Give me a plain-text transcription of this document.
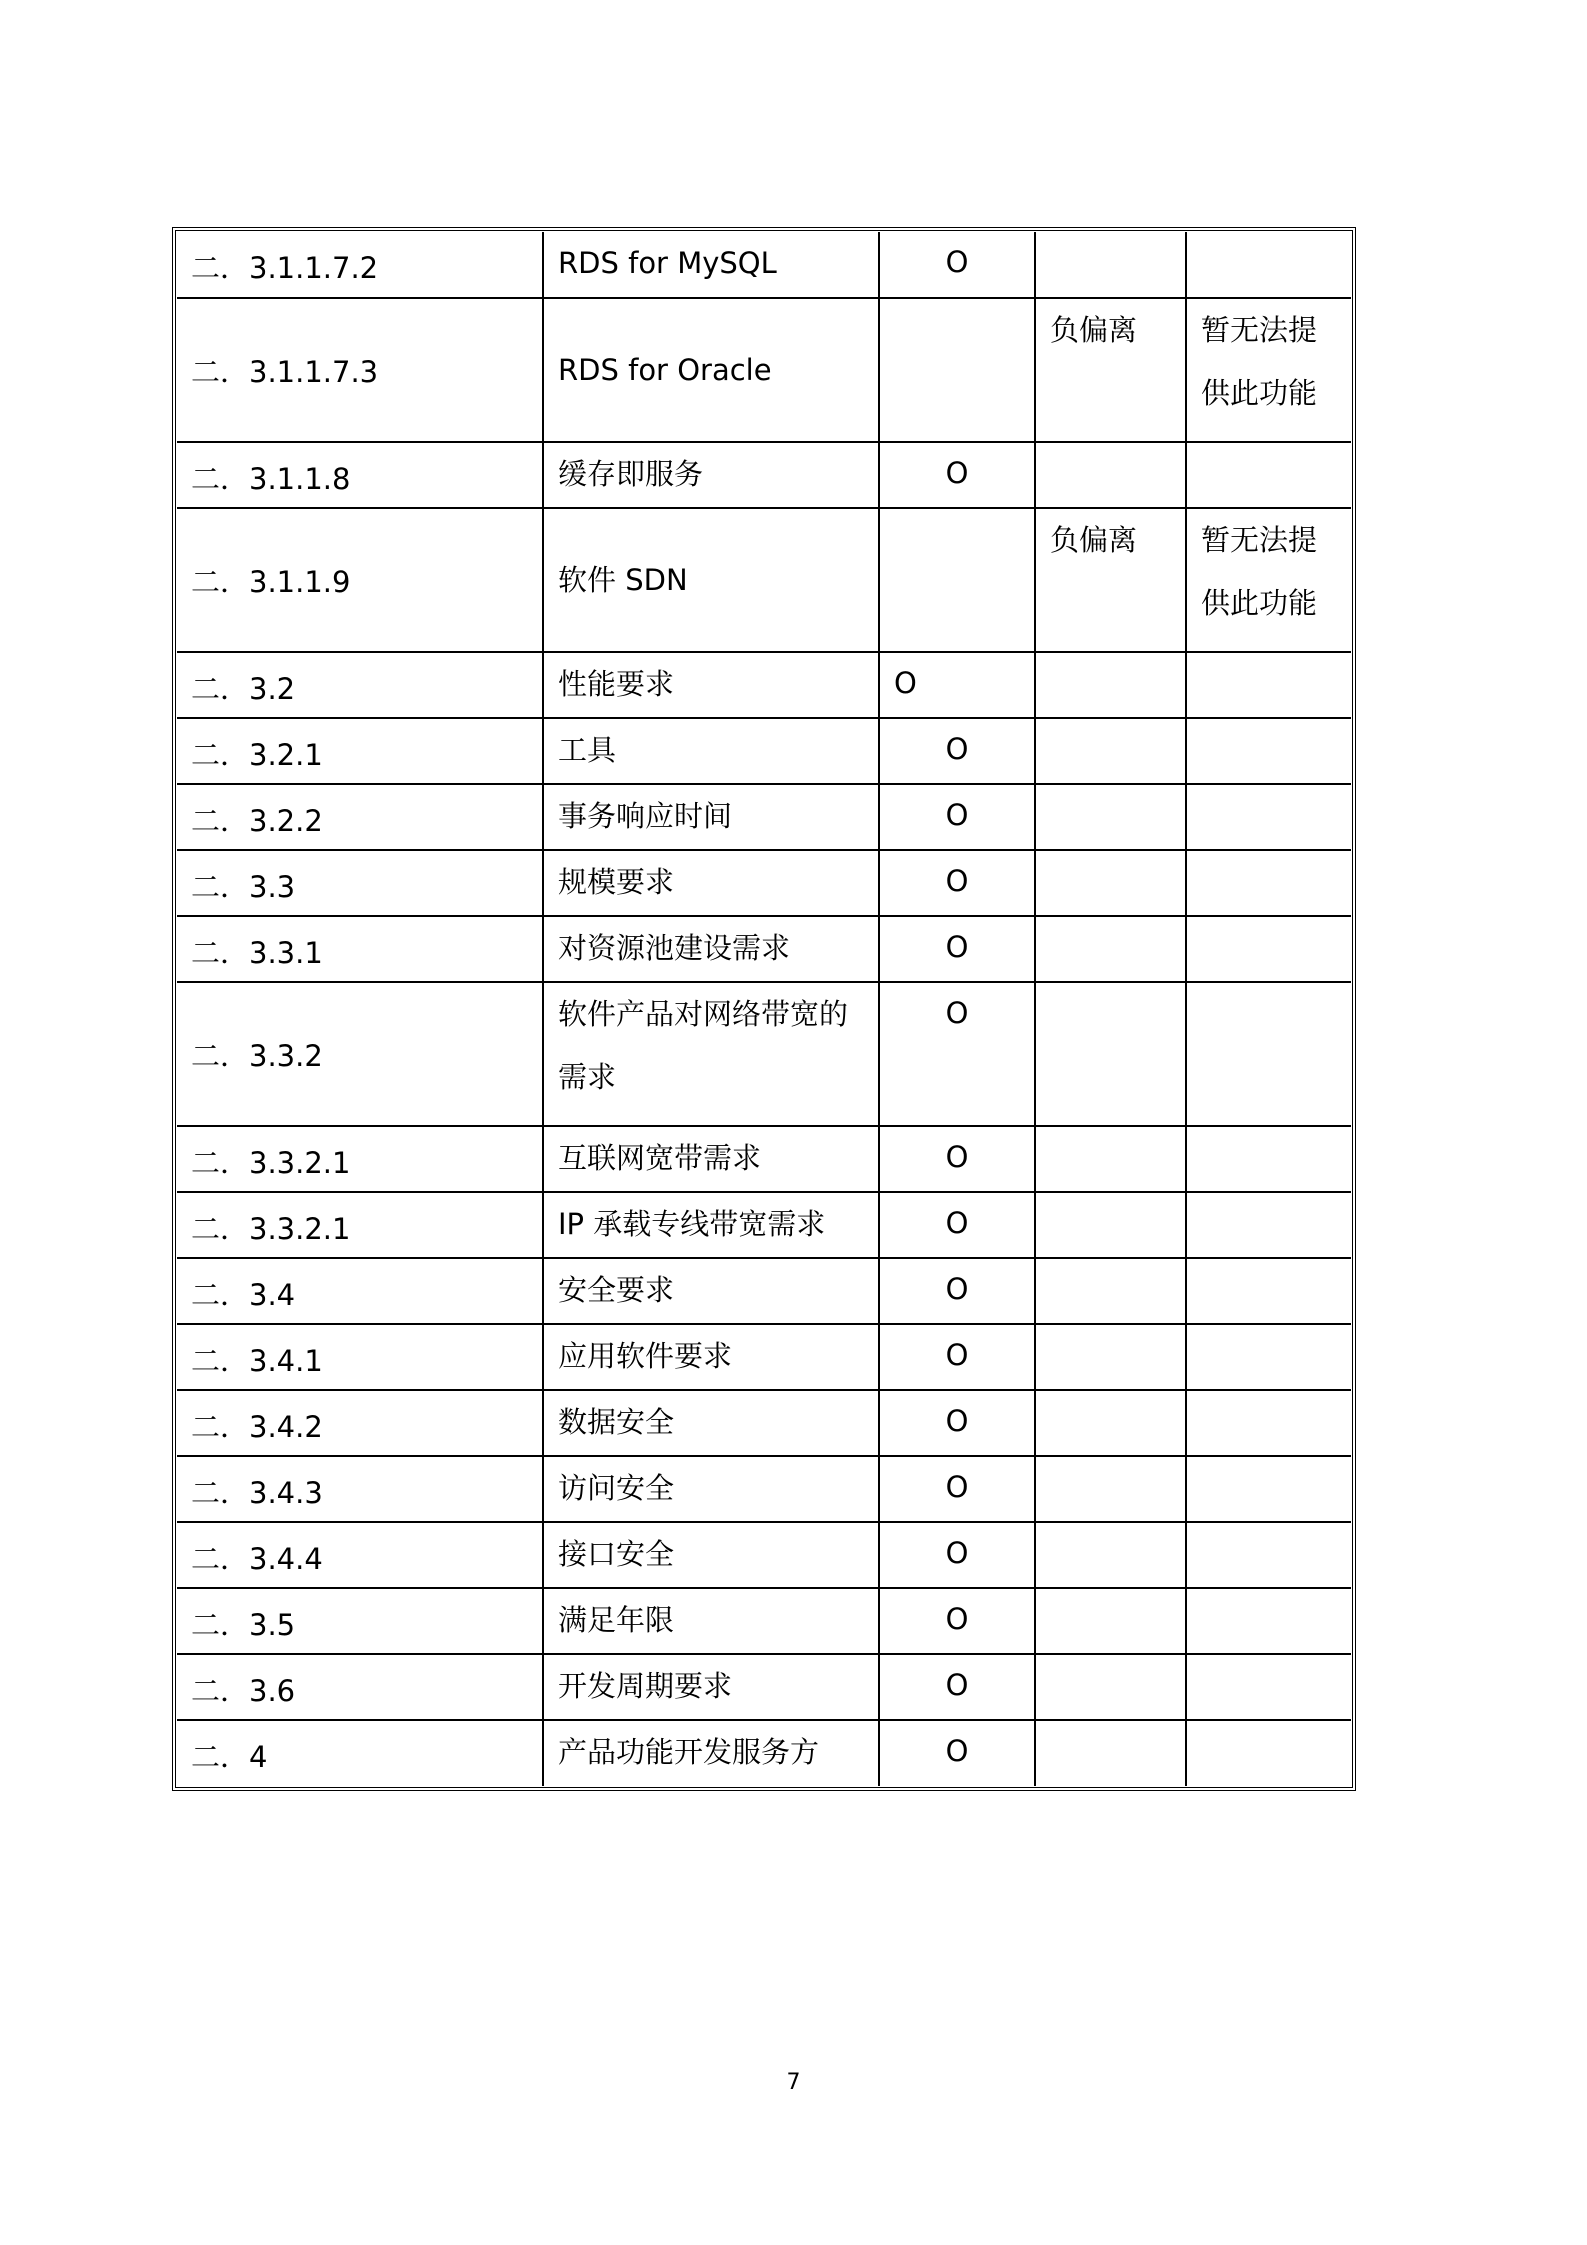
二．3.1.1.7.2	RDS for MySQL	O		
二．3.1.1.7.3	RDS for Oracle		负偏离	暂无法提供此功能
二．3.1.1.8	缓存即服务	O		
二．3.1.1.9	软件 SDN		负偏离	暂无法提供此功能
二．3.2	性能要求	O		
二．3.2.1	工具	O		
二．3.2.2	事务响应时间	O		
二．3.3	规模要求	O		
二．3.3.1	对资源池建设需求	O		
二．3.3.2	软件产品对网络带宽的需求	O		
二．3.3.2.1	互联网宽带需求	O		
二．3.3.2.1	IP 承载专线带宽需求	O		
二．3.4	安全要求	O		
二．3.4.1	应用软件要求	O		
二．3.4.2	数据安全	O		
二．3.4.3	访问安全	O		
二．3.4.4	接口安全	O		
二．3.5	满足年限	O		
二．3.6	开发周期要求	O		
二．4	产品功能开发服务方	O		
7
